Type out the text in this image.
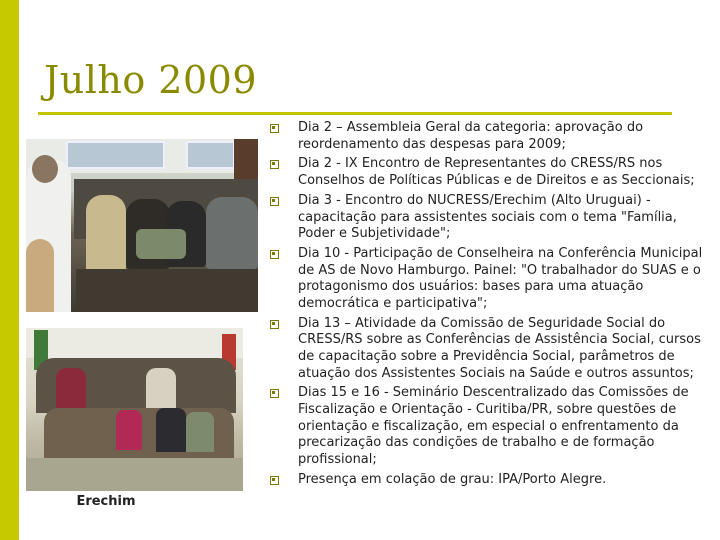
Julho 2009
Erechim
Dia 2 – Assembleia Geral da categoria: aprovação do reordenamento das despesas para 2009;
Dia 2 - IX Encontro de Representantes do CRESS/RS nos Conselhos de Políticas Públicas e de Direitos e as Seccionais;
Dia 3 - Encontro do NUCRESS/Erechim (Alto Uruguai) - capacitação para assistentes sociais com o tema "Família, Poder e Subjetividade";
Dia 10 - Participação de Conselheira na Conferência Municipal de AS de Novo Hamburgo. Painel: "O trabalhador do SUAS e o protagonismo dos usuários: bases para uma atuação democrática e participativa";
Dia 13 – Atividade da Comissão de Seguridade Social do CRESS/RS sobre as Conferências de Assistência Social, cursos de capacitação sobre a Previdência Social, parâmetros de atuação dos Assistentes Sociais na Saúde e outros assuntos;
Dias 15 e 16 - Seminário Descentralizado das Comissões de Fiscalização e Orientação - Curitiba/PR, sobre questões de orientação e fiscalização, em especial o enfrentamento da precarização das condições de trabalho e de formação profissional;
Presença em colação de grau: IPA/Porto Alegre.
